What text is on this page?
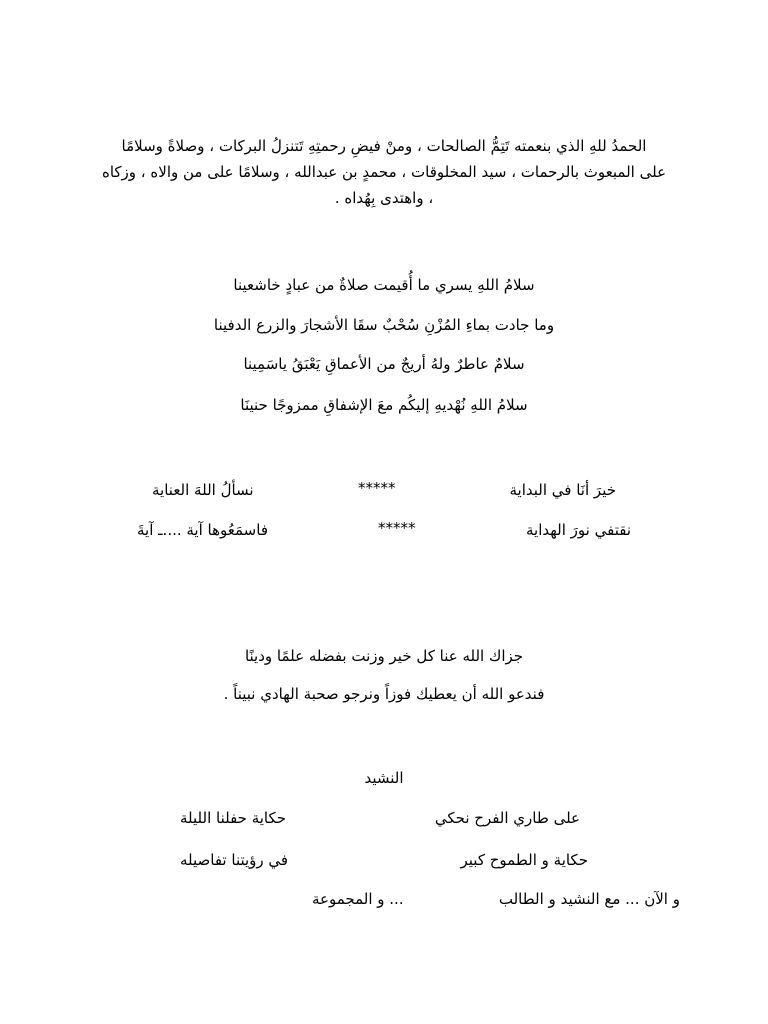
الحمدُ للهِ الذي بنعمته تَتِمُّ الصالحات ، ومنْ فيضِ رحمتِهِ تَتنزلُ البركات ، وصلاةً وسلامًا
على المبعوث بالرحمات ، سيد المخلوقات ، محمدٍ بن عبدالله ، وسلامًا على من والاه ، وزكاه
، واهتدى بِهُداه .
سلامُ اللهِ يسري ما أُقيمت صلاةٌ من عبادٍ خاشعينا
وما جادت بماءِ المُزْنِ سُحْبٌ سقَا الأشجارَ والزرع الدفينا
سلامٌ عاطرٌ ولهُ أريجٌ من الأعماقِ يَعْبَقُ ياسَمِينا
سلامُ اللهِ نُهْديهِ إليكُم معَ الإشفاقِ ممزوجًا حنينَا
خيرَ أنَا في البداية
*****
نسألُ اللهَ العناية
نقتفي نورَ الهداية
*****
فاسمَعُوها آية ....ـ آيةَ
جزاك الله عنا كل خير وزنت بفضله علمًا ودينًا
فندعو الله أن يعطيك فوزاً ونرجو صحبة الهادي نبيناً .
النشيد
على طاري الفرح نحكي
حكاية حفلنا الليلة
حكاية و الطموح كبير
في رؤيتنا تفاصيله
و الآن ... مع النشيد و الطالب
... و المجموعة
